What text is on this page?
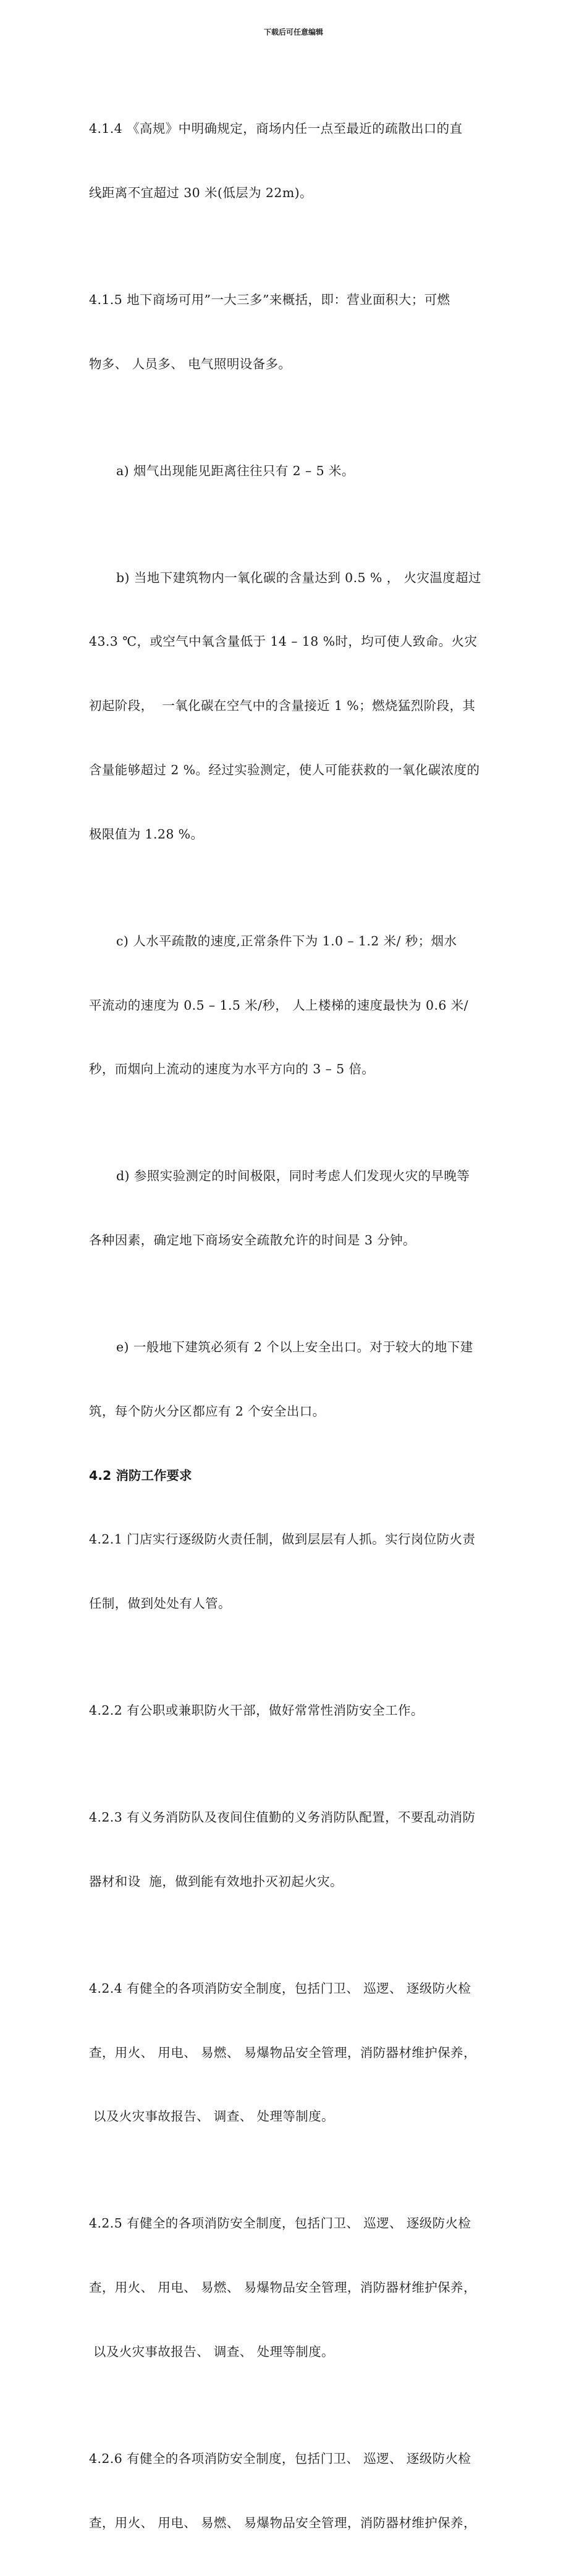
下载后可任意编辑

4.1.4 《高规》中明确规定，商场内任一点至最近的疏散出口的直

线距离不宜超过 30 米(低层为 22m)。

4.1.5 地下商场可用”一大三多”来概括，即：营业面积大；可燃

物多、 人员多、 电气照明设备多。

a) 烟气出现能见距离往往只有 2 – 5 米。

b) 当地下建筑物内一氧化碳的含量达到 0.5 % ， 火灾温度超过

43.3 ℃，或空气中氧含量低于 14 – 18 %时，均可使人致命。火灾

初起阶段，  一氧化碳在空气中的含量接近 1 %；燃烧猛烈阶段，其

含量能够超过 2 %。经过实验测定，使人可能获救的一氧化碳浓度的

极限值为 1.28 %。

c) 人水平疏散的速度,正常条件下为 1.0 – 1.2 米/ 秒；烟水

平流动的速度为 0.5 – 1.5 米/秒， 人上楼梯的速度最快为 0.6 米/

秒，而烟向上流动的速度为水平方向的 3 – 5 倍。

d) 参照实验测定的时间极限，同时考虑人们发现火灾的早晚等

各种因素，确定地下商场安全疏散允许的时间是 3 分钟。

e) 一般地下建筑必须有 2 个以上安全出口。对于较大的地下建

筑，每个防火分区都应有 2 个安全出口。

4.2 消防工作要求

4.2.1 门店实行逐级防火责任制，做到层层有人抓。实行岗位防火责

任制，做到处处有人管。

4.2.2 有公职或兼职防火干部，做好常常性消防安全工作。

4.2.3 有义务消防队及夜间住值勤的义务消防队配置，不要乱动消防

器材和设  施，做到能有效地扑灭初起火灾。

4.2.4 有健全的各项消防安全制度，包括门卫、 巡逻、 逐级防火检

查，用火、 用电、 易燃、 易爆物品安全管理，消防器材维护保养，

以及火灾事故报告、 调查、 处理等制度。

4.2.5 有健全的各项消防安全制度，包括门卫、 巡逻、 逐级防火检

查，用火、 用电、 易燃、 易爆物品安全管理，消防器材维护保养，

以及火灾事故报告、 调查、 处理等制度。

4.2.6 有健全的各项消防安全制度，包括门卫、 巡逻、 逐级防火检

查，用火、 用电、 易燃、 易爆物品安全管理，消防器材维护保养，
